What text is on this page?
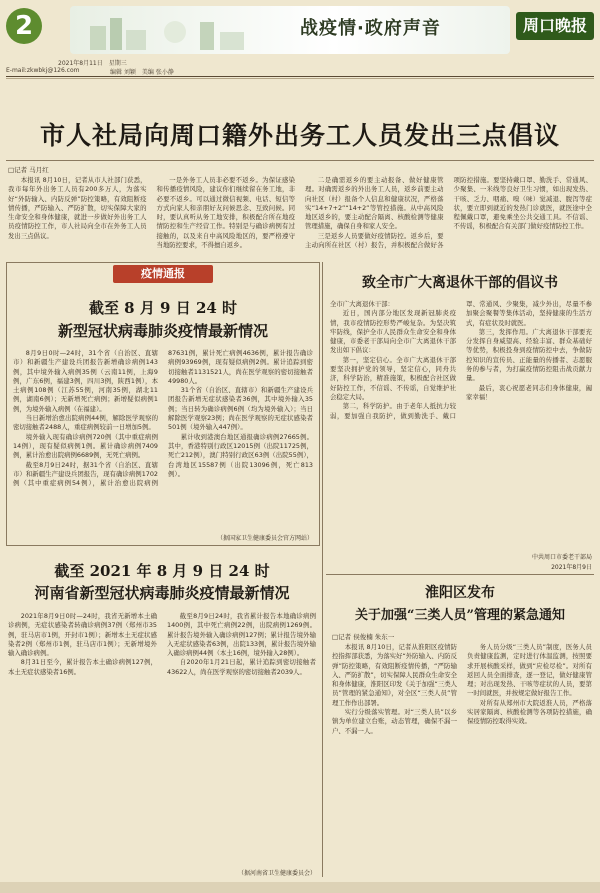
2	战疫情·政府声音	周口晚报
2021年8月11日　星期三
E-mail:zkwbkj@126.com	编辑 刘颖　美编 张小静
市人社局向周口籍外出务工人员发出三点倡议
□记者 马月红

本报讯 8月10日，记者从市人社部门获悉，我市每年外出务工人员有200多万人，为落实好“外防输入、内防反弹”防控策略，有效阻断疫情传播，严防输入、严防扩散，切实保障大家的生命安全和身体健康，就进一步做好外出务工人员疫情防控工作，市人社局向全市在外务工人员发出三点倡议。

一是外务工人员非必要不返乡。为保证感染和传播疫情风险，建议你们继续留在务工地，非必要不返乡。可以通过微信视频、电话、短信等方式向家人和亲朋好友问候思念、互致问候。同时，要认真听从务工地安排，积极配合所在地疫情防控和生产经营工作。特别是与确诊病例有过接触的，以及来自中高风险地区的，要严格遵守当地防控要求，不得擅自返乡。

二是确需返乡的要主动报备、做好健康管理。对确需返乡的外出务工人员，返乡前要主动向社区（村）报备个人信息和健康状况，严格落实“14+7+2”“14+2”等管控措施。从中高风险地区返乡的，要主动配合隔离、核酸检测等健康管理措施，确保自身和家人安全。

三是返乡人员要做好疫情防控。返乡后，要主动向所在社区（村）报告，并积极配合做好各项防控措施。要坚持戴口罩、勤洗手、常通风、少聚集、一米线等良好卫生习惯，如出现发热、干咳、乏力、咽痛、嗅（味）觉减退、腹泻等症状，要立即到就近的发热门诊就医，就医途中全程佩戴口罩，避免乘坐公共交通工具。不信谣、不传谣，积极配合有关部门做好疫情防控工作。

疫情通报
截至 8 月 9 日 24 时
新型冠状病毒肺炎疫情最新情况

8月9日0时—24时，31个省（自治区、直辖市）和新疆生产建设兵团报告新增确诊病例143例，其中境外输入病例35例（云南11例，上海9例，广东6例，福建3例，四川3例，陕西1例），本土病例108例（江苏55例，河南35例，湖北11例，湖南6例）；无新增死亡病例；新增疑似病例1例，为境外输入病例（在福建）。

当日新增治愈出院病例44例，解除医学观察的密切接触者2488人，重症病例较前一日增加5例。

境外输入现有确诊病例720例（其中重症病例14例），现有疑似病例1例。累计确诊病例7409例，累计治愈出院病例6689例，无死亡病例。

截至8月9日24时，据31个省（自治区、直辖市）和新疆生产建设兵团报告，现有确诊病例1702例（其中重症病例54例），累计治愈出院病例87631例，累计死亡病例4636例，累计报告确诊病例93969例，现有疑似病例2例。累计追踪到密切接触者1131521人，尚在医学观察的密切接触者49980人。

31个省（自治区、直辖市）和新疆生产建设兵团报告新增无症状感染者36例，其中境外输入35例；当日转为确诊病例6例（均为境外输入）；当日解除医学观察23例；尚在医学观察的无症状感染者501例（境外输入447例）。

累计收到港澳台地区通报确诊病例27665例。其中，香港特别行政区12015例（出院11725例，死亡212例），澳门特别行政区63例（出院55例），台湾地区15587例（出院13096例，死亡813例）。

（据国家卫生健康委员会官方网站）
截至 2021 年 8 月 9 日 24 时
河南省新型冠状病毒肺炎疫情最新情况

2021年8月9日0时—24时，我省无新增本土确诊病例，无症状感染者转确诊病例37例（郑州市35例，驻马店市1例，开封市1例）；新增本土无症状感染者2例（郑州市1例，驻马店市1例）；无新增境外输入确诊病例。

8月31日至今，累计报告本土确诊病例127例，本土无症状感染者16例。

截至8月9日24时，我省累计报告本地确诊病例1400例，其中死亡病例22例，出院病例1269例。累计报告境外输入确诊病例127例；累计报告境外输入无症状感染者63例，出院133例，累计报告境外输入确诊病例44例（本土16例，境外输入28例）。

自2020年1月21日起，累计追踪到密切接触者43622人，尚在医学观察的密切接触者2039人。

（据河南省卫生健康委员会）
致全市广大离退休干部的倡议书

全市广大离退休干部：

近日，国内部分地区发现新冠肺炎疫情，我市疫情防控形势严峻复杂。为坚决筑牢防线，保护全市人民群众生命安全和身体健康，市委老干部局向全市广大离退休干部发出如下倡议：

第一，坚定信心。全市广大离退休干部要坚决拥护党的领导，坚定信心，同舟共济，科学防治，精准施策，积极配合社区做好防控工作，不信谣、不传谣，自觉维护社会稳定大局。

第二，科学防护。由于老年人抵抗力较弱，要加强自我防护，做到勤洗手、戴口罩、常通风、少聚集，减少外出，尽量不参加聚会聚餐等集体活动，坚持健康的生活方式，有症状及时就医。

第三，发挥作用。广大离退休干部要充分发挥自身威望高、经验丰富、群众基础好等优势，积极投身到疫情防控中去，争做防控知识的宣传员、正能量的传播者、志愿服务的参与者，为打赢疫情防控阻击战贡献力量。

最后，衷心祝愿老同志们身体健康，阖家幸福！

中共周口市委老干部局
2021年8月9日
淮阳区发布
关于加强“三类人员”管理的紧急通知
□记者 侯俊楠 朱东一

本报讯 8月10日，记者从淮阳区疫情防控指挥部获悉，为落实好“外防输入、内防反弹”防控策略，有效阻断疫情传播，“严防输入、严防扩散”，切实保障人民群众生命安全和身体健康，淮阳区印发《关于加强“三类人员”管理的紧急通知》，对全区“三类人员”管理工作作出部署。

实行分级落实管理。对“三类人员”以乡镇为单位建立台账，动态管理，确保不漏一户、不漏一人。

务人员分级“三类人员”制度，医务人员负责健康监测，定时进行体温监测，按照要求开展核酸采样，做到“应检尽检”。对所有返回人员全面排查，逐一登记，做好健康管理；对出现发热、干咳等症状的人员，要第一时间就医，并按规定做好报告工作。

对所有从郑州市大院返淮人员，严格落实居家隔离、核酸检测等各项防控措施，确保疫情防控取得实效。
